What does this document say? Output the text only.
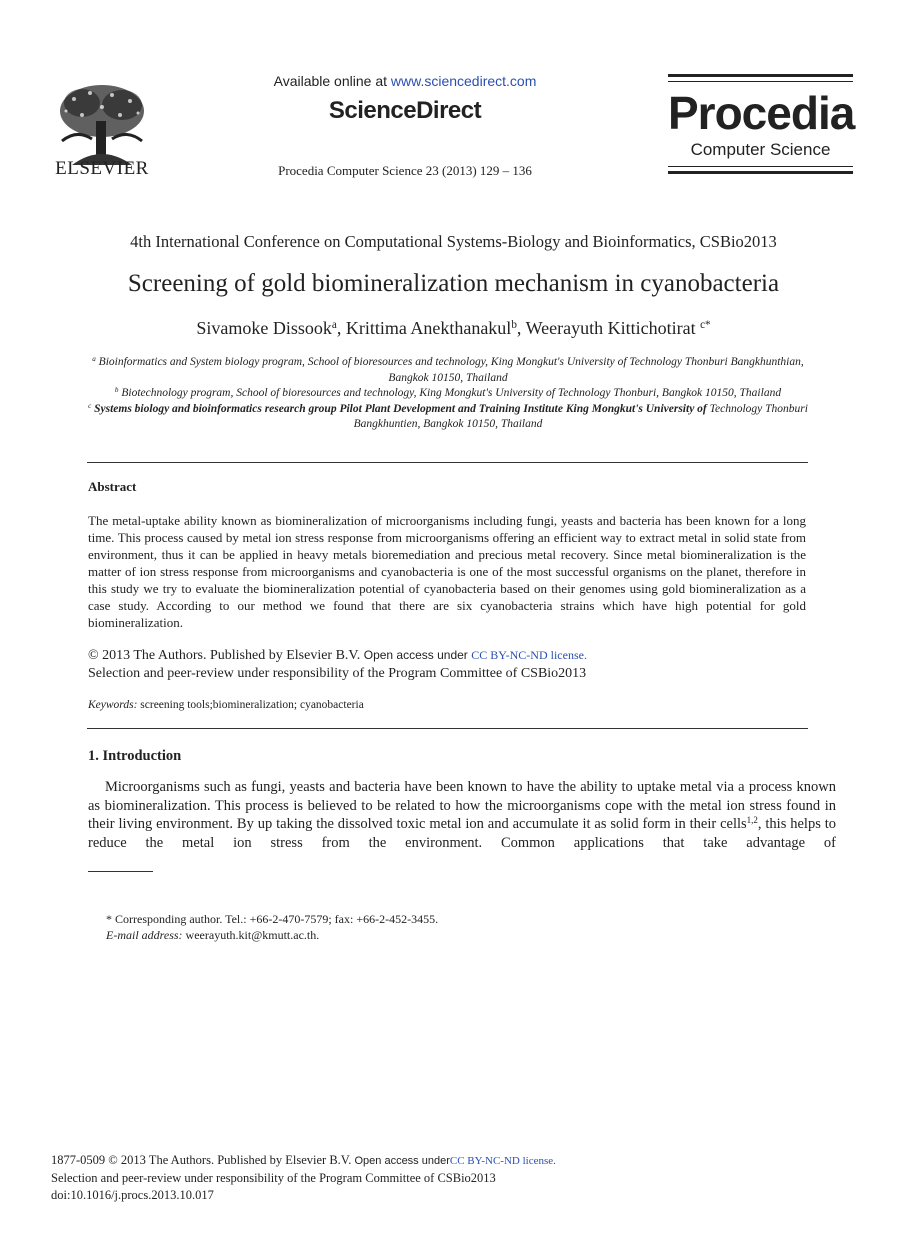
ELSEVIER
Available online at www.sciencedirect.com
ScienceDirect
Procedia Computer Science 23 (2013) 129 – 136
Procedia
Computer Science
4th International Conference on Computational Systems-Biology and Bioinformatics, CSBio2013
Screening of gold biomineralization mechanism in cyanobacteria
Sivamoke Dissook$^a$, Krittima Anekthanakul$^b$, Weerayuth Kittichotirat $^{c*}$
$^a$ Bioinformatics and System biology program, School of bioresources and technology, King Mongkut's University of Technology Thonburi Bangkhunthian, Bangkok 10150, Thailand
$^b$ Biotechnology program, School of bioresources and technology, King Mongkut's University of Technology Thonburi, Bangkok 10150, Thailand
$^c$ Systems biology and bioinformatics research group Pilot Plant Development and Training Institute King Mongkut's University of Technology Thonburi Bangkhuntien, Bangkok 10150, Thailand
Abstract
The metal-uptake ability known as biomineralization of microorganisms including fungi, yeasts and bacteria has been known for a long time. This process caused by metal ion stress response from microorganisms offering an efficient way to extract metal in solid state from environment, thus it can be applied in heavy metals bioremediation and precious metal recovery. Since metal biomineralization is the matter of ion stress response from microorganisms and cyanobacteria is one of the most successful organisms on the planet, therefore in this study we try to evaluate the biomineralization potential of cyanobacteria based on their genomes using gold biomineralization as a case study. According to our method we found that there are six cyanobacteria strains which have high potential for gold biomineralization.
© 2013 The Authors. Published by Elsevier B.V. Open access under CC BY-NC-ND license.
Selection and peer-review under responsibility of the Program Committee of CSBio2013
Keywords: screening tools;biomineralization; cyanobacteria
1. Introduction
Microorganisms such as fungi, yeasts and bacteria have been known to have the ability to uptake metal via a process known as biomineralization. This process is believed to be related to how the microorganisms cope with the metal ion stress found in their living environment. By up taking the dissolved toxic metal ion and accumulate it as solid form in their cells$^{1,2}$, this helps to reduce the metal ion stress from the environment. Common applications that take advantage of
* Corresponding author. Tel.: +66-2-470-7579; fax: +66-2-452-3455.
E-mail address: weerayuth.kit@kmutt.ac.th.
1877-0509 © 2013 The Authors. Published by Elsevier B.V. Open access underCC BY-NC-ND license.
Selection and peer-review under responsibility of the Program Committee of CSBio2013
doi:10.1016/j.procs.2013.10.017
